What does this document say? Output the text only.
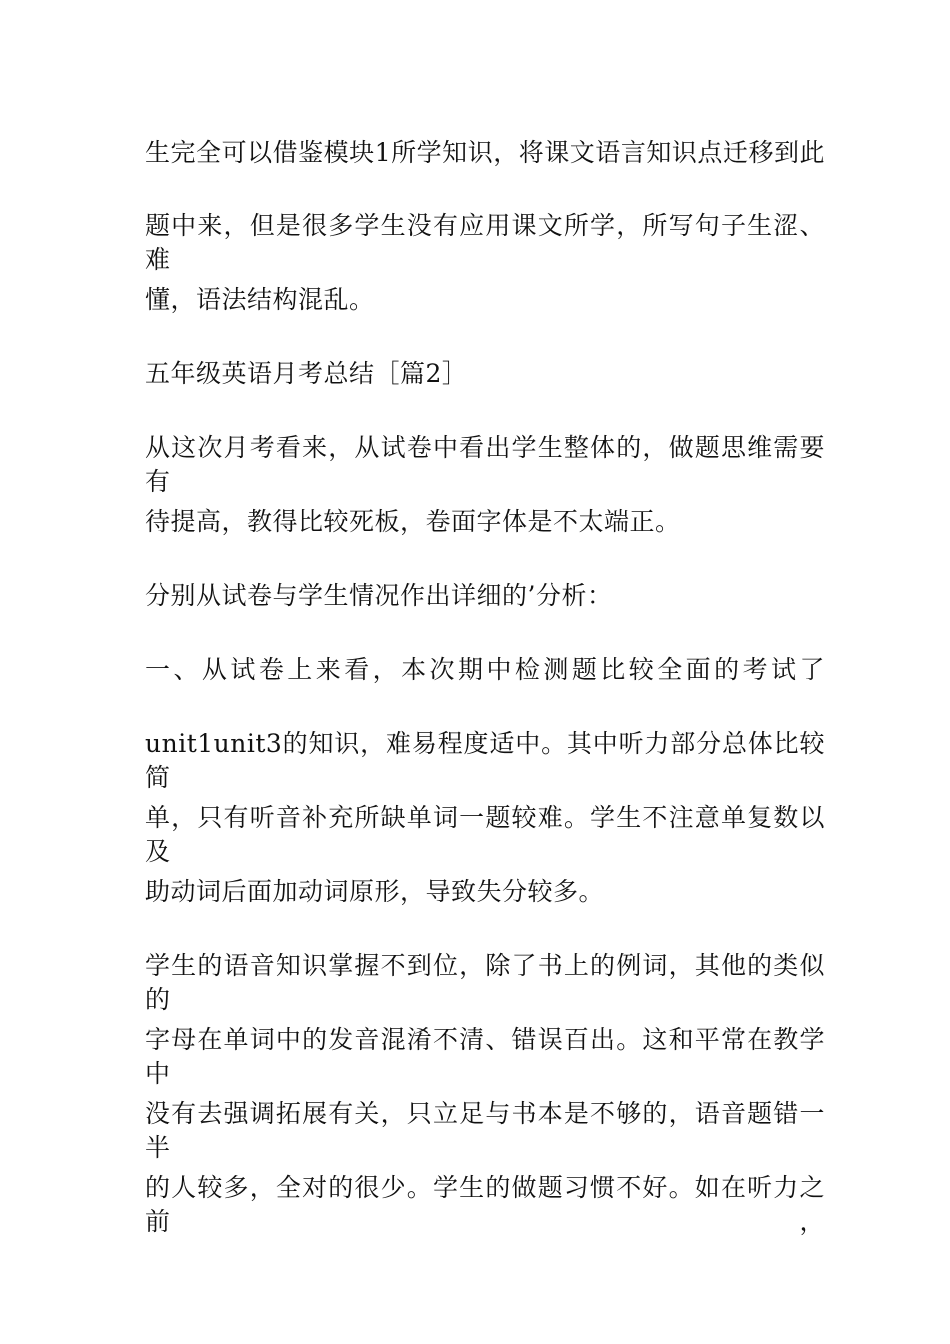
生完全可以借鉴模块1所学知识，将课文语言知识点迁移到此
题中来，但是很多学生没有应用课文所学，所写句子生涩、难
懂，语法结构混乱。
五年级英语月考总结［篇2］
从这次月考看来，从试卷中看出学生整体的，做题思维需要有
待提高，教得比较死板，卷面字体是不太端正。
分别从试卷与学生情况作出详细的’分析：
一、从试卷上来看，本次期中检测题比较全面的考试了
unit1unit3的知识，难易程度适中。其中听力部分总体比较简
单，只有听音补充所缺单词一题较难。学生不注意单复数以及
助动词后面加动词原形，导致失分较多。
学生的语音知识掌握不到位，除了书上的例词，其他的类似的
字母在单词中的发音混淆不清、错误百出。这和平常在教学中
没有去强调拓展有关，只立足与书本是不够的，语音题错一半
的人较多，全对的很少。学生的做题习惯不好。如在听力之前，
